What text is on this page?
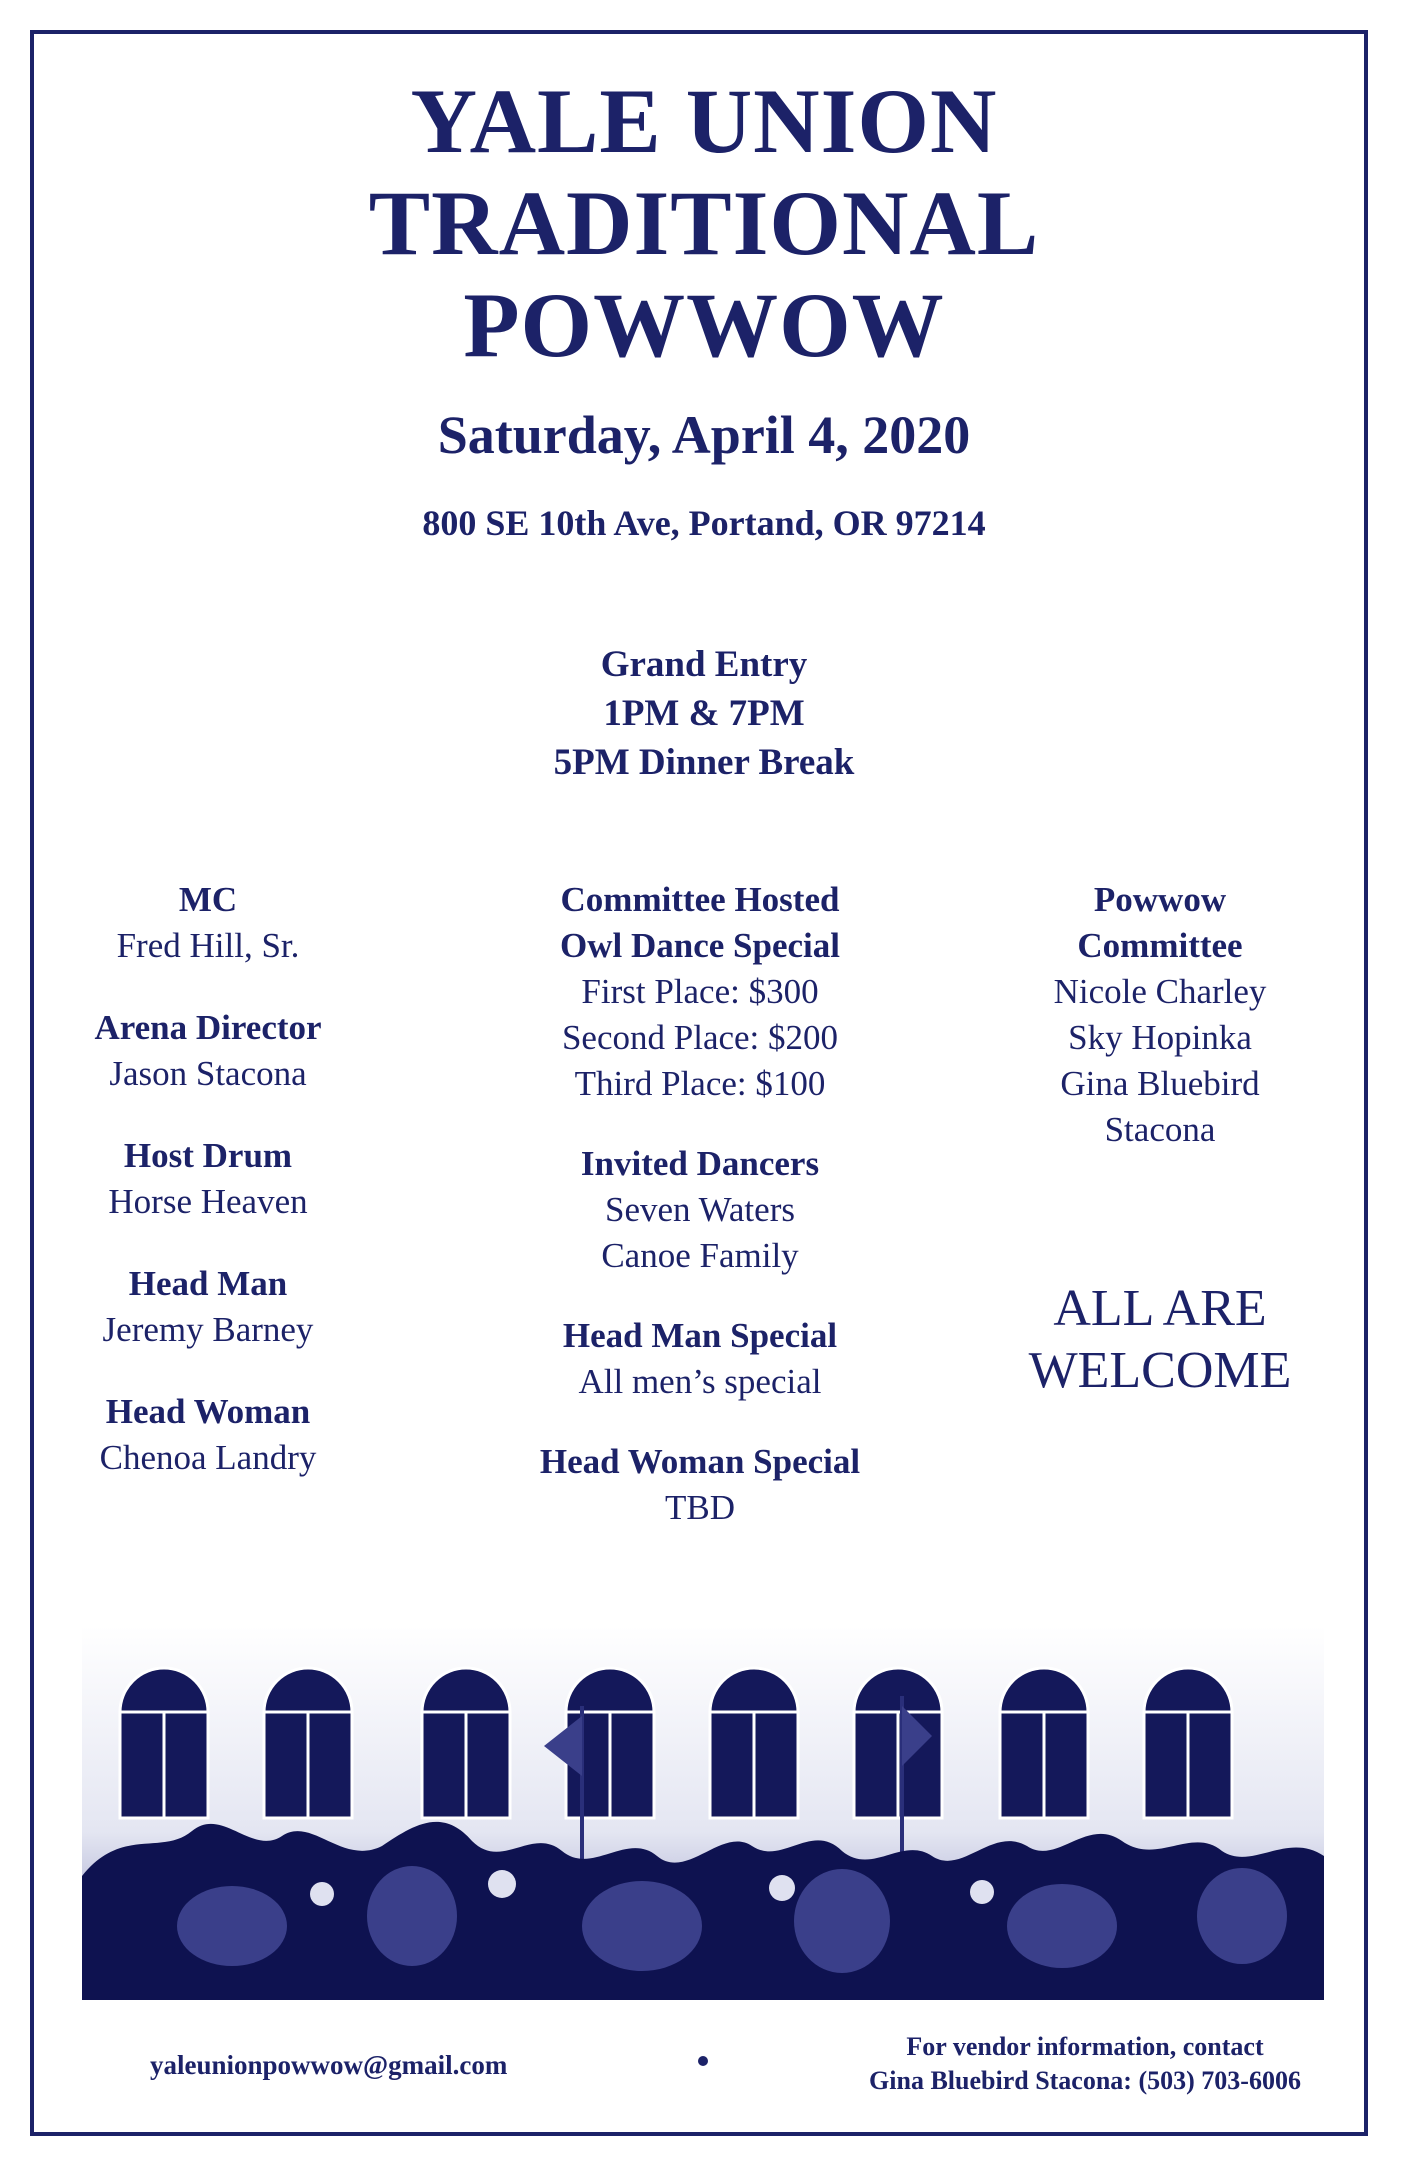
YALE UNION
TRADITIONAL
POWWOW
Saturday, April 4, 2020
800 SE 10th Ave, Portand, OR 97214
Grand Entry
1PM & 7PM
5PM Dinner Break
MC
Fred Hill, Sr.
Arena Director
Jason Stacona
Host Drum
Horse Heaven
Head Man
Jeremy Barney
Head Woman
Chenoa Landry
Committee Hosted
Owl Dance Special
First Place: $300
Second Place: $200
Third Place: $100
Invited Dancers
Seven Waters
Canoe Family
Head Man Special
All men’s special
Head Woman Special
TBD
Powwow
Committee
Nicole Charley
Sky Hopinka
Gina Bluebird
Stacona
ALL ARE
WELCOME
yaleunionpowwow@gmail.com
For vendor information, contact
Gina Bluebird Stacona: (503) 703-6006
